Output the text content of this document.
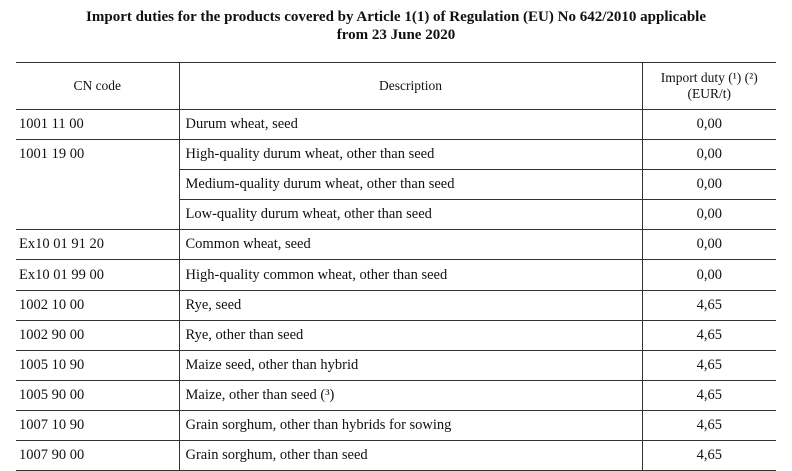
Import duties for the products covered by Article 1(1) of Regulation (EU) No 642/2010 applicable
from 23 June 2020
CN code	Description	Import duty (¹) (²)
(EUR/t)

1001 11 00	Durum wheat, seed	0,00
1001 19 00	High-quality durum wheat, other than seed	0,00
	Medium-quality durum wheat, other than seed	0,00
	Low-quality durum wheat, other than seed	0,00
Ex10 01 91 20	Common wheat, seed	0,00
Ex10 01 99 00	High-quality common wheat, other than seed	0,00
1002 10 00	Rye, seed	4,65
1002 90 00	Rye, other than seed	4,65
1005 10 90	Maize seed, other than hybrid	4,65
1005 90 00	Maize, other than seed (³)	4,65
1007 10 90	Grain sorghum, other than hybrids for sowing	4,65
1007 90 00	Grain sorghum, other than seed	4,65
